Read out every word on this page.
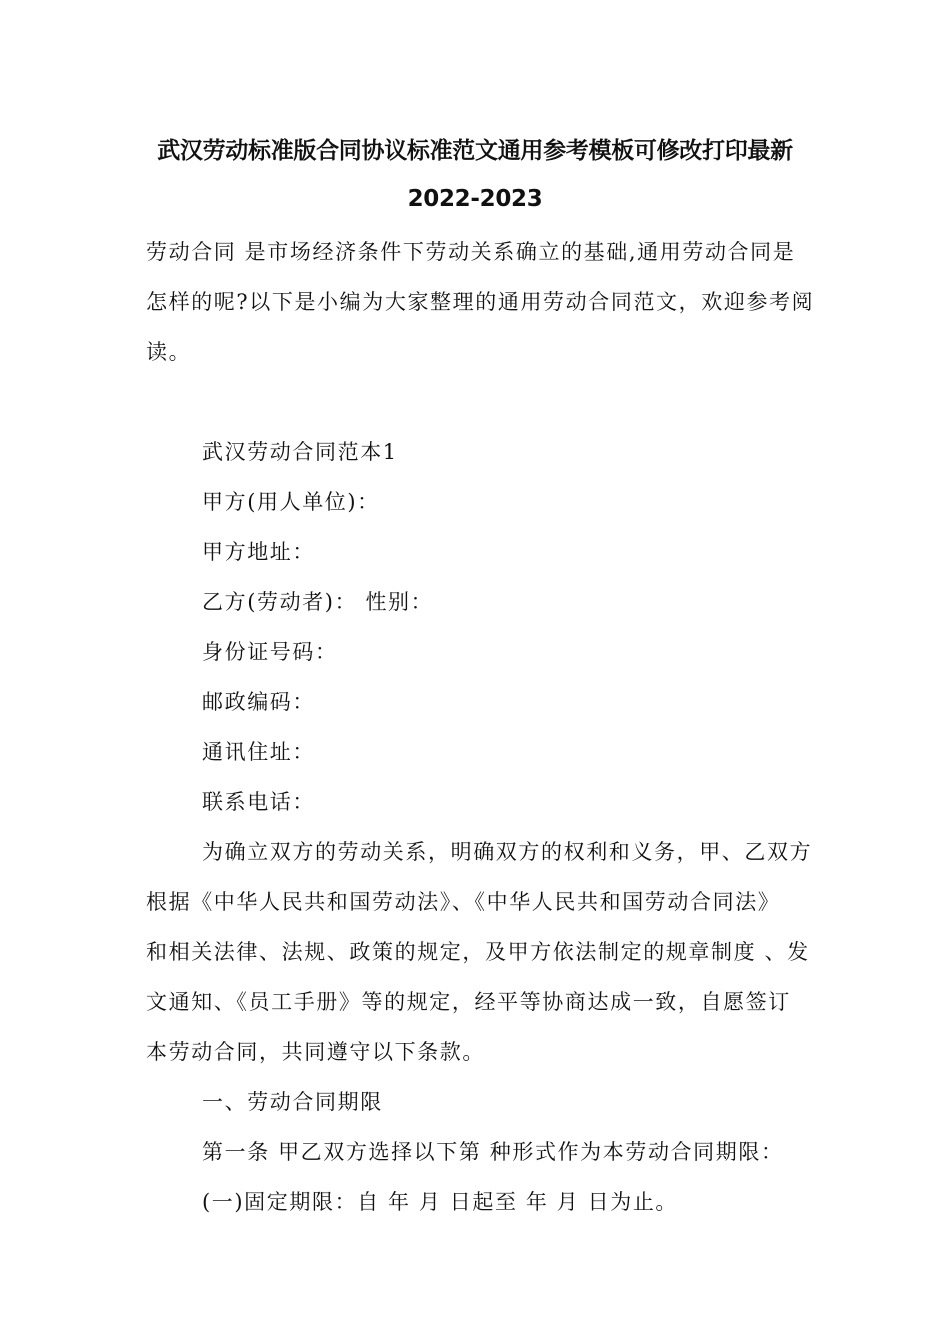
武汉劳动标准版合同协议标准范文通用参考模板可修改打印最新
2022-2023
劳动合同 是市场经济条件下劳动关系确立的基础,通用劳动合同是
怎样的呢?以下是小编为大家整理的通用劳动合同范文，欢迎参考阅
读。
武汉劳动合同范本1
甲方(用人单位)：
甲方地址：
乙方(劳动者)： 性别：
身份证号码：
邮政编码：
通讯住址：
联系电话：
为确立双方的劳动关系，明确双方的权利和义务，甲、乙双方
根据《中华人民共和国劳动法》、《中华人民共和国劳动合同法》
和相关法律、法规、政策的规定，及甲方依法制定的规章制度 、发
文通知、《员工手册》等的规定，经平等协商达成一致，自愿签订
本劳动合同，共同遵守以下条款。
一、劳动合同期限
第一条 甲乙双方选择以下第 种形式作为本劳动合同期限：
(一)固定期限：自 年 月 日起至 年 月 日为止。
